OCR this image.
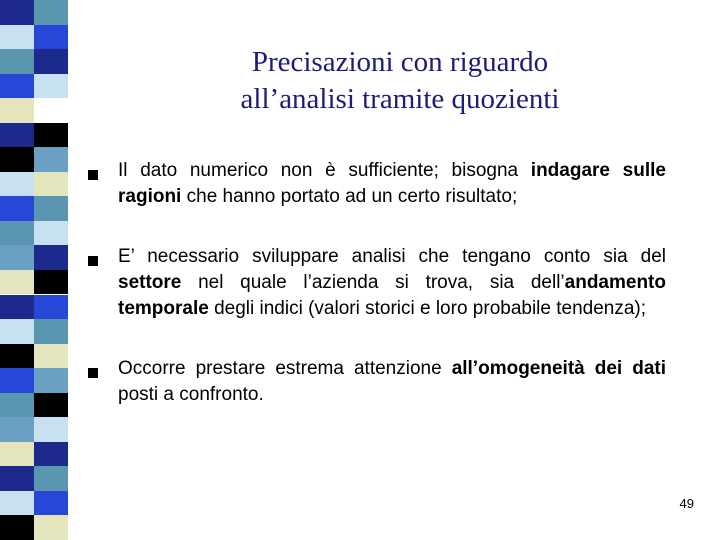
Precisazioni con riguardo
all’analisi tramite quozienti
Il dato numerico non è sufficiente; bisogna indagare sulle ragioni che hanno portato ad un certo risultato;
E’ necessario sviluppare analisi che tengano conto sia del settore nel quale l’azienda si trova, sia dell’andamento temporale degli indici (valori storici e loro probabile tendenza);
Occorre prestare estrema attenzione all’omogeneità dei dati posti a confronto.
49
